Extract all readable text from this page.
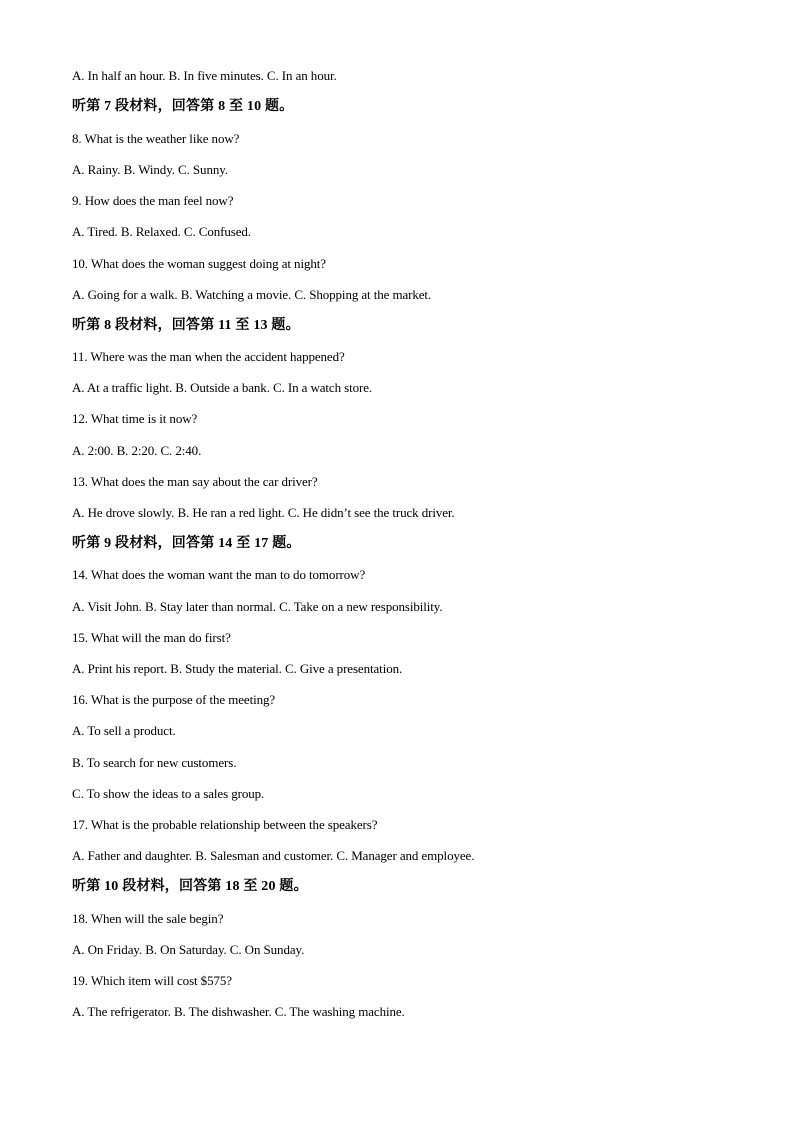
A. In half an hour. B. In five minutes. C. In an hour.
听第 7 段材料，回答第 8 至 10 题。
8. What is the weather like now?
A. Rainy. B. Windy. C. Sunny.
9. How does the man feel now?
A. Tired. B. Relaxed. C. Confused.
10. What does the woman suggest doing at night?
A. Going for a walk. B. Watching a movie. C. Shopping at the market.
听第 8 段材料，回答第 11 至 13 题。
11. Where was the man when the accident happened?
A. At a traffic light. B. Outside a bank. C. In a watch store.
12. What time is it now?
A. 2:00. B. 2:20. C. 2:40.
13. What does the man say about the car driver?
A. He drove slowly. B. He ran a red light. C. He didn’t see the truck driver.
听第 9 段材料，回答第 14 至 17 题。
14. What does the woman want the man to do tomorrow?
A. Visit John. B. Stay later than normal. C. Take on a new responsibility.
15. What will the man do first?
A. Print his report. B. Study the material. C. Give a presentation.
16. What is the purpose of the meeting?
A. To sell a product.
B. To search for new customers.
C. To show the ideas to a sales group.
17. What is the probable relationship between the speakers?
A. Father and daughter. B. Salesman and customer. C. Manager and employee.
听第 10 段材料，回答第 18 至 20 题。
18. When will the sale begin?
A. On Friday. B. On Saturday. C. On Sunday.
19. Which item will cost $575?
A. The refrigerator. B. The dishwasher. C. The washing machine.
